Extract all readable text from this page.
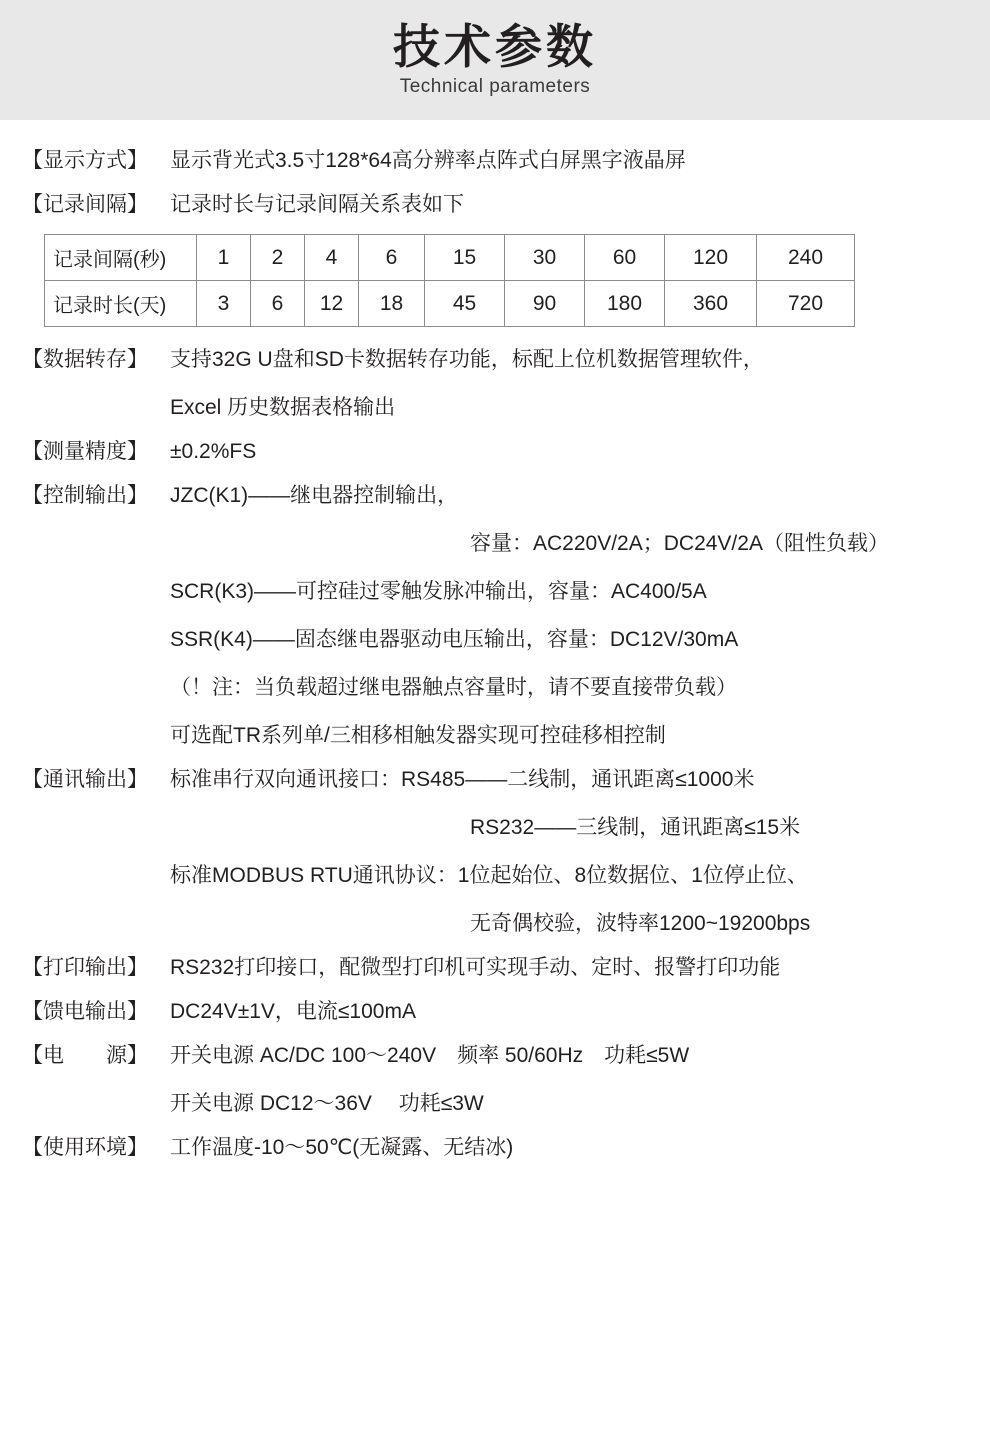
技术参数
Technical parameters
【显示方式】	显示背光式3.5寸128*64高分辨率点阵式白屏黑字液晶屏
【记录间隔】	记录时长与记录间隔关系表如下
记录间隔(秒)	1	2	4	6	15	30	60	120	240
记录时长(天)	3	6	12	18	45	90	180	360	720
【数据转存】	支持32G U盘和SD卡数据转存功能，标配上位机数据管理软件，
Excel 历史数据表格输出
【测量精度】	±0.2%FS
【控制输出】	JZC(K1)——继电器控制输出，
容量：AC220V/2A；DC24V/2A（阻性负载）
SCR(K3)——可控硅过零触发脉冲输出，容量：AC400/5A
SSR(K4)——固态继电器驱动电压输出，容量：DC12V/30mA
（！注：当负载超过继电器触点容量时，请不要直接带负载）
可选配TR系列单/三相移相触发器实现可控硅移相控制
【通讯输出】	标准串行双向通讯接口：RS485——二线制，通讯距离≤1000米
RS232——三线制，通讯距离≤15米
标准MODBUS RTU通讯协议：1位起始位、8位数据位、1位停止位、
无奇偶校验，波特率1200~19200bps
【打印输出】	RS232打印接口，配微型打印机可实现手动、定时、报警打印功能
【馈电输出】	DC24V±1V，电流≤100mA
【电　　源】	开关电源 AC/DC 100～240V　频率 50/60Hz　功耗≤5W
开关电源 DC12～36V　 功耗≤3W
【使用环境】	工作温度-10～50℃(无凝露、无结冰)
